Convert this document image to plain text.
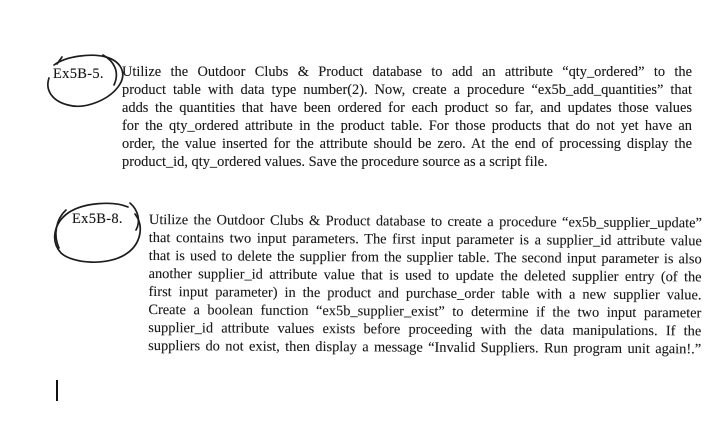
Ex5B-5. Utilize the Outdoor Clubs & Product database to add an attribute “qty_ordered” to the
product table with data type number(2). Now, create a procedure “ex5b_add_quantities” that
adds the quantities that have been ordered for each product so far, and updates those values
for the qty_ordered attribute in the product table. For those products that do not yet have an
order, the value inserted for the attribute should be zero. At the end of processing display the
product_id, qty_ordered values. Save the procedure source as a script file.
Ex5B-8. Utilize the Outdoor Clubs & Product database to create a procedure “ex5b_supplier_update”
that contains two input parameters. The first input parameter is a supplier_id attribute value
that is used to delete the supplier from the supplier table. The second input parameter is also
another supplier_id attribute value that is used to update the deleted supplier entry (of the
first input parameter) in the product and purchase_order table with a new supplier value.
Create a boolean function “ex5b_supplier_exist” to determine if the two input parameter
supplier_id attribute values exists before proceeding with the data manipulations. If the
suppliers do not exist, then display a message “Invalid Suppliers. Run program unit again!.”
